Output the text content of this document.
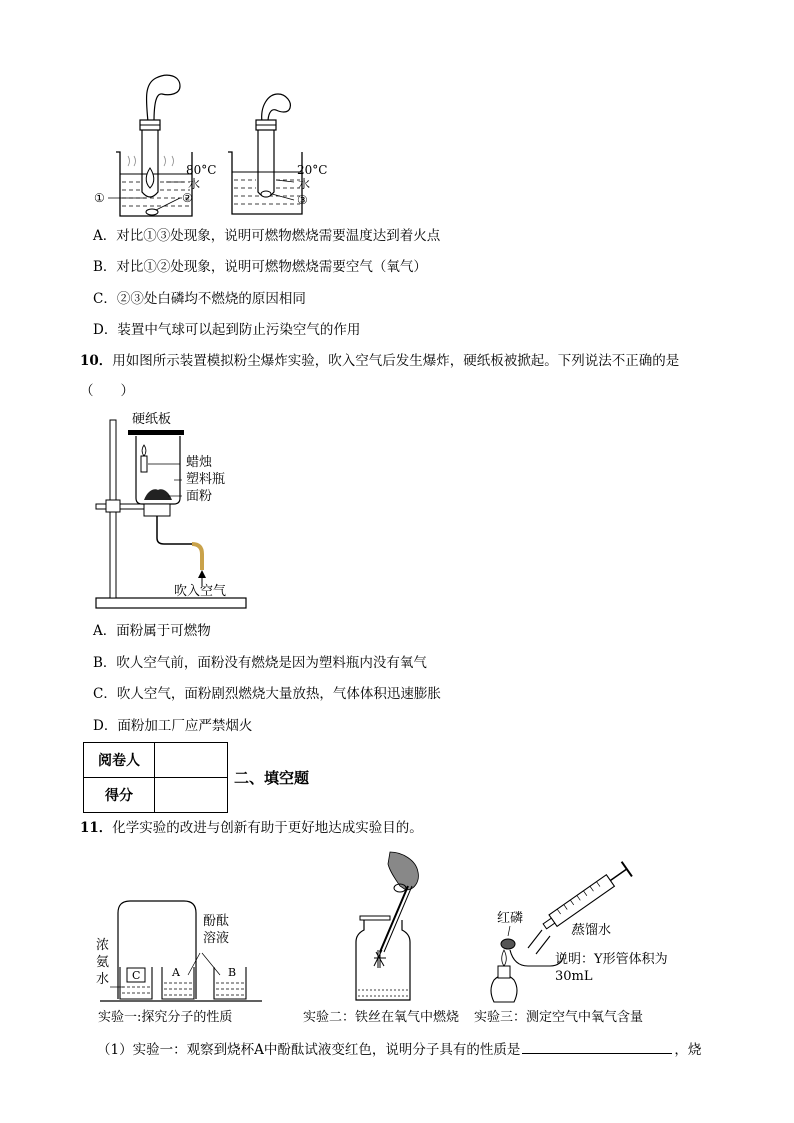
80°C
水
①	②
20°C
水
③
A．对比①③处现象，说明可燃物燃烧需要温度达到着火点
B．对比①②处现象，说明可燃物燃烧需要空气（氧气）
C．②③处白磷均不燃烧的原因相同
D．装置中气球可以起到防止污染空气的作用
10．用如图所示装置模拟粉尘爆炸实验，吹入空气后发生爆炸，硬纸板被掀起。下列说法不正确的是
（　　）
硬纸板
蜡烛
塑料瓶
面粉
吹入空气
A．面粉属于可燃物
B．吹人空气前，面粉没有燃烧是因为塑料瓶内没有氧气
C．吹人空气，面粉剧烈燃烧大量放热，气体体积迅速膨胀
D．面粉加工厂应严禁烟火
阅卷人	
得分	
二、填空题
11．化学实验的改进与创新有助于更好地达成实验目的。
酚酞
溶液
浓
氨
水 C	A	B
实验一:探究分子的性质	实验二：铁丝在氧气中燃烧
红磷
蒸馏水
说明：Y形管体积为
30mL
实验三：测定空气中氧气含量
（1）实验一：观察到烧杯A中酚酞试液变红色，说明分子具有的性质是	，烧
